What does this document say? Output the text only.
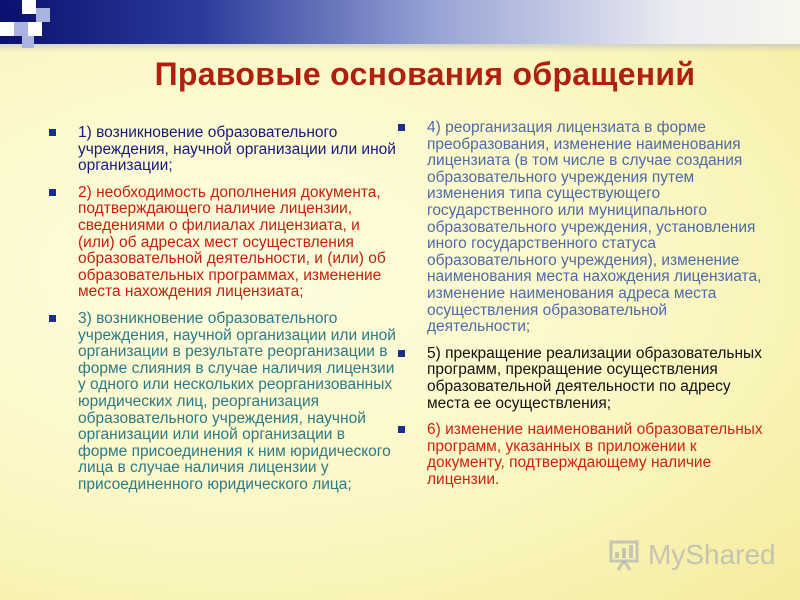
Правовые основания обращений
1) возникновение образовательного учреждения, научной организации или иной организации;
2) необходимость дополнения документа, подтверждающего наличие лицензии, сведениями о филиалах лицензиата, и (или) об адресах мест осуществления образовательной деятельности, и (или) об образовательных программах, изменение места нахождения лицензиата;
3) возникновение образовательного учреждения, научной организации или иной организации в результате реорганизации в форме слияния в случае наличия лицензии у одного или нескольких реорганизованных юридических лиц, реорганизация образовательного учреждения, научной организации или иной организации в форме присоединения к ним юридического лица в случае наличия лицензии у присоединенного юридического лица;
4) реорганизация лицензиата в форме преобразования, изменение наименования лицензиата (в том числе в случае создания образовательного учреждения путем изменения типа существующего государственного или муниципального образовательного учреждения, установления иного государственного статуса образовательного учреждения), изменение наименования места нахождения лицензиата, изменение наименования адреса места осуществления образовательной деятельности;
5) прекращение реализации образовательных программ, прекращение осуществления образовательной деятельности по адресу места ее осуществления;
6) изменение наименований образовательных программ, указанных в приложении к документу, подтверждающему наличие лицензии.
MyShared
